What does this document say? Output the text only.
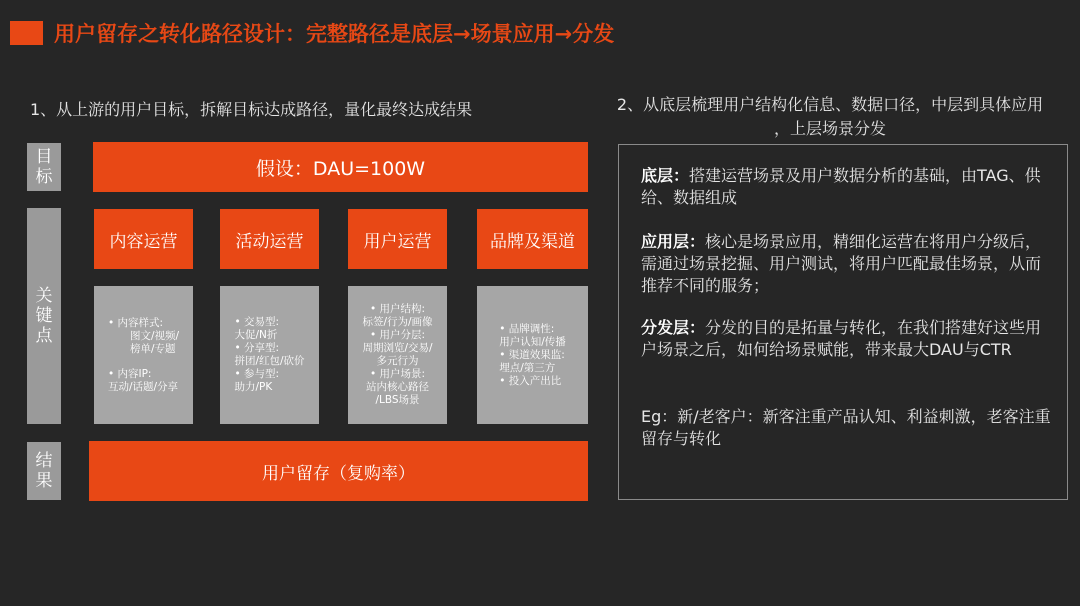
用户留存之转化路径设计：完整路径是底层→场景应用→分发
1、从上游的用户目标，拆解目标达成路径，量化最终达成结果	2、从底层梳理用户结构化信息、数据口径，中层到具体应用 ，上层场景分发
目标
关键点
结果
假设：DAU=100W
内容运营	活动运营	用户运营	品牌及渠道
• 内容样式:
图文/视频/
榜单/专题
• 内容IP:
互动/话题/分享
• 交易型:
大促/N折
• 分享型:
拼团/红包/砍价
• 参与型:
助力/PK
• 用户结构:
标签/行为/画像
• 用户分层:
周期浏览/交易/
多元行为
• 用户场景:
站内核心路径
/LBS场景
• 品牌调性:
用户认知/传播
• 渠道效果监:
埋点/第三方
• 投入产出比
用户留存（复购率）
底层：搭建运营场景及用户数据分析的基础，由TAG、供给、数据组成
应用层：核心是场景应用，精细化运营在将用户分级后，需通过场景挖掘、用户测试，将用户匹配最佳场景，从而推荐不同的服务；
分发层：分发的目的是拓量与转化，在我们搭建好这些用户场景之后，如何给场景赋能，带来最大DAU与CTR
Eg：新/老客户：新客注重产品认知、利益刺激，老客注重留存与转化
